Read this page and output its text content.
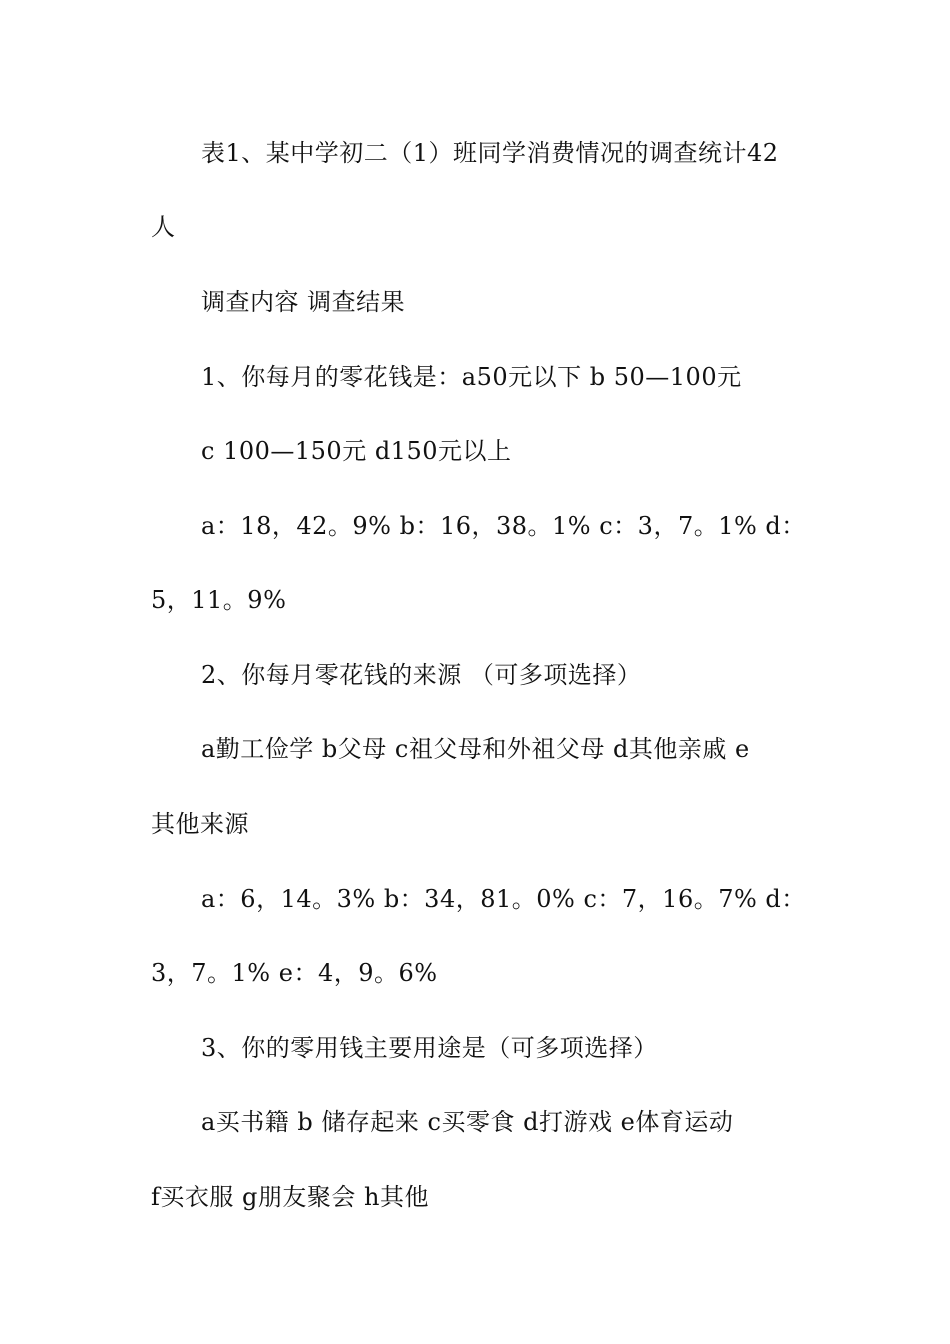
表1、某中学初二（1）班同学消费情况的调查统计42
人
调查内容 调查结果
1、你每月的零花钱是：a50元以下 b 50—100元
c 100—150元 d150元以上
a：18，42。9% b：16，38。1% c：3，7。1% d：
5，11。9%
2、你每月零花钱的来源 （可多项选择）
a勤工俭学 b父母 c祖父母和外祖父母 d其他亲戚 e
其他来源
a：6，14。3% b：34，81。0% c：7，16。7% d：
3，7。1% e：4，9。6%
3、你的零用钱主要用途是（可多项选择）
a买书籍 b 储存起来 c买零食 d打游戏 e体育运动
f买衣服 g朋友聚会 h其他
